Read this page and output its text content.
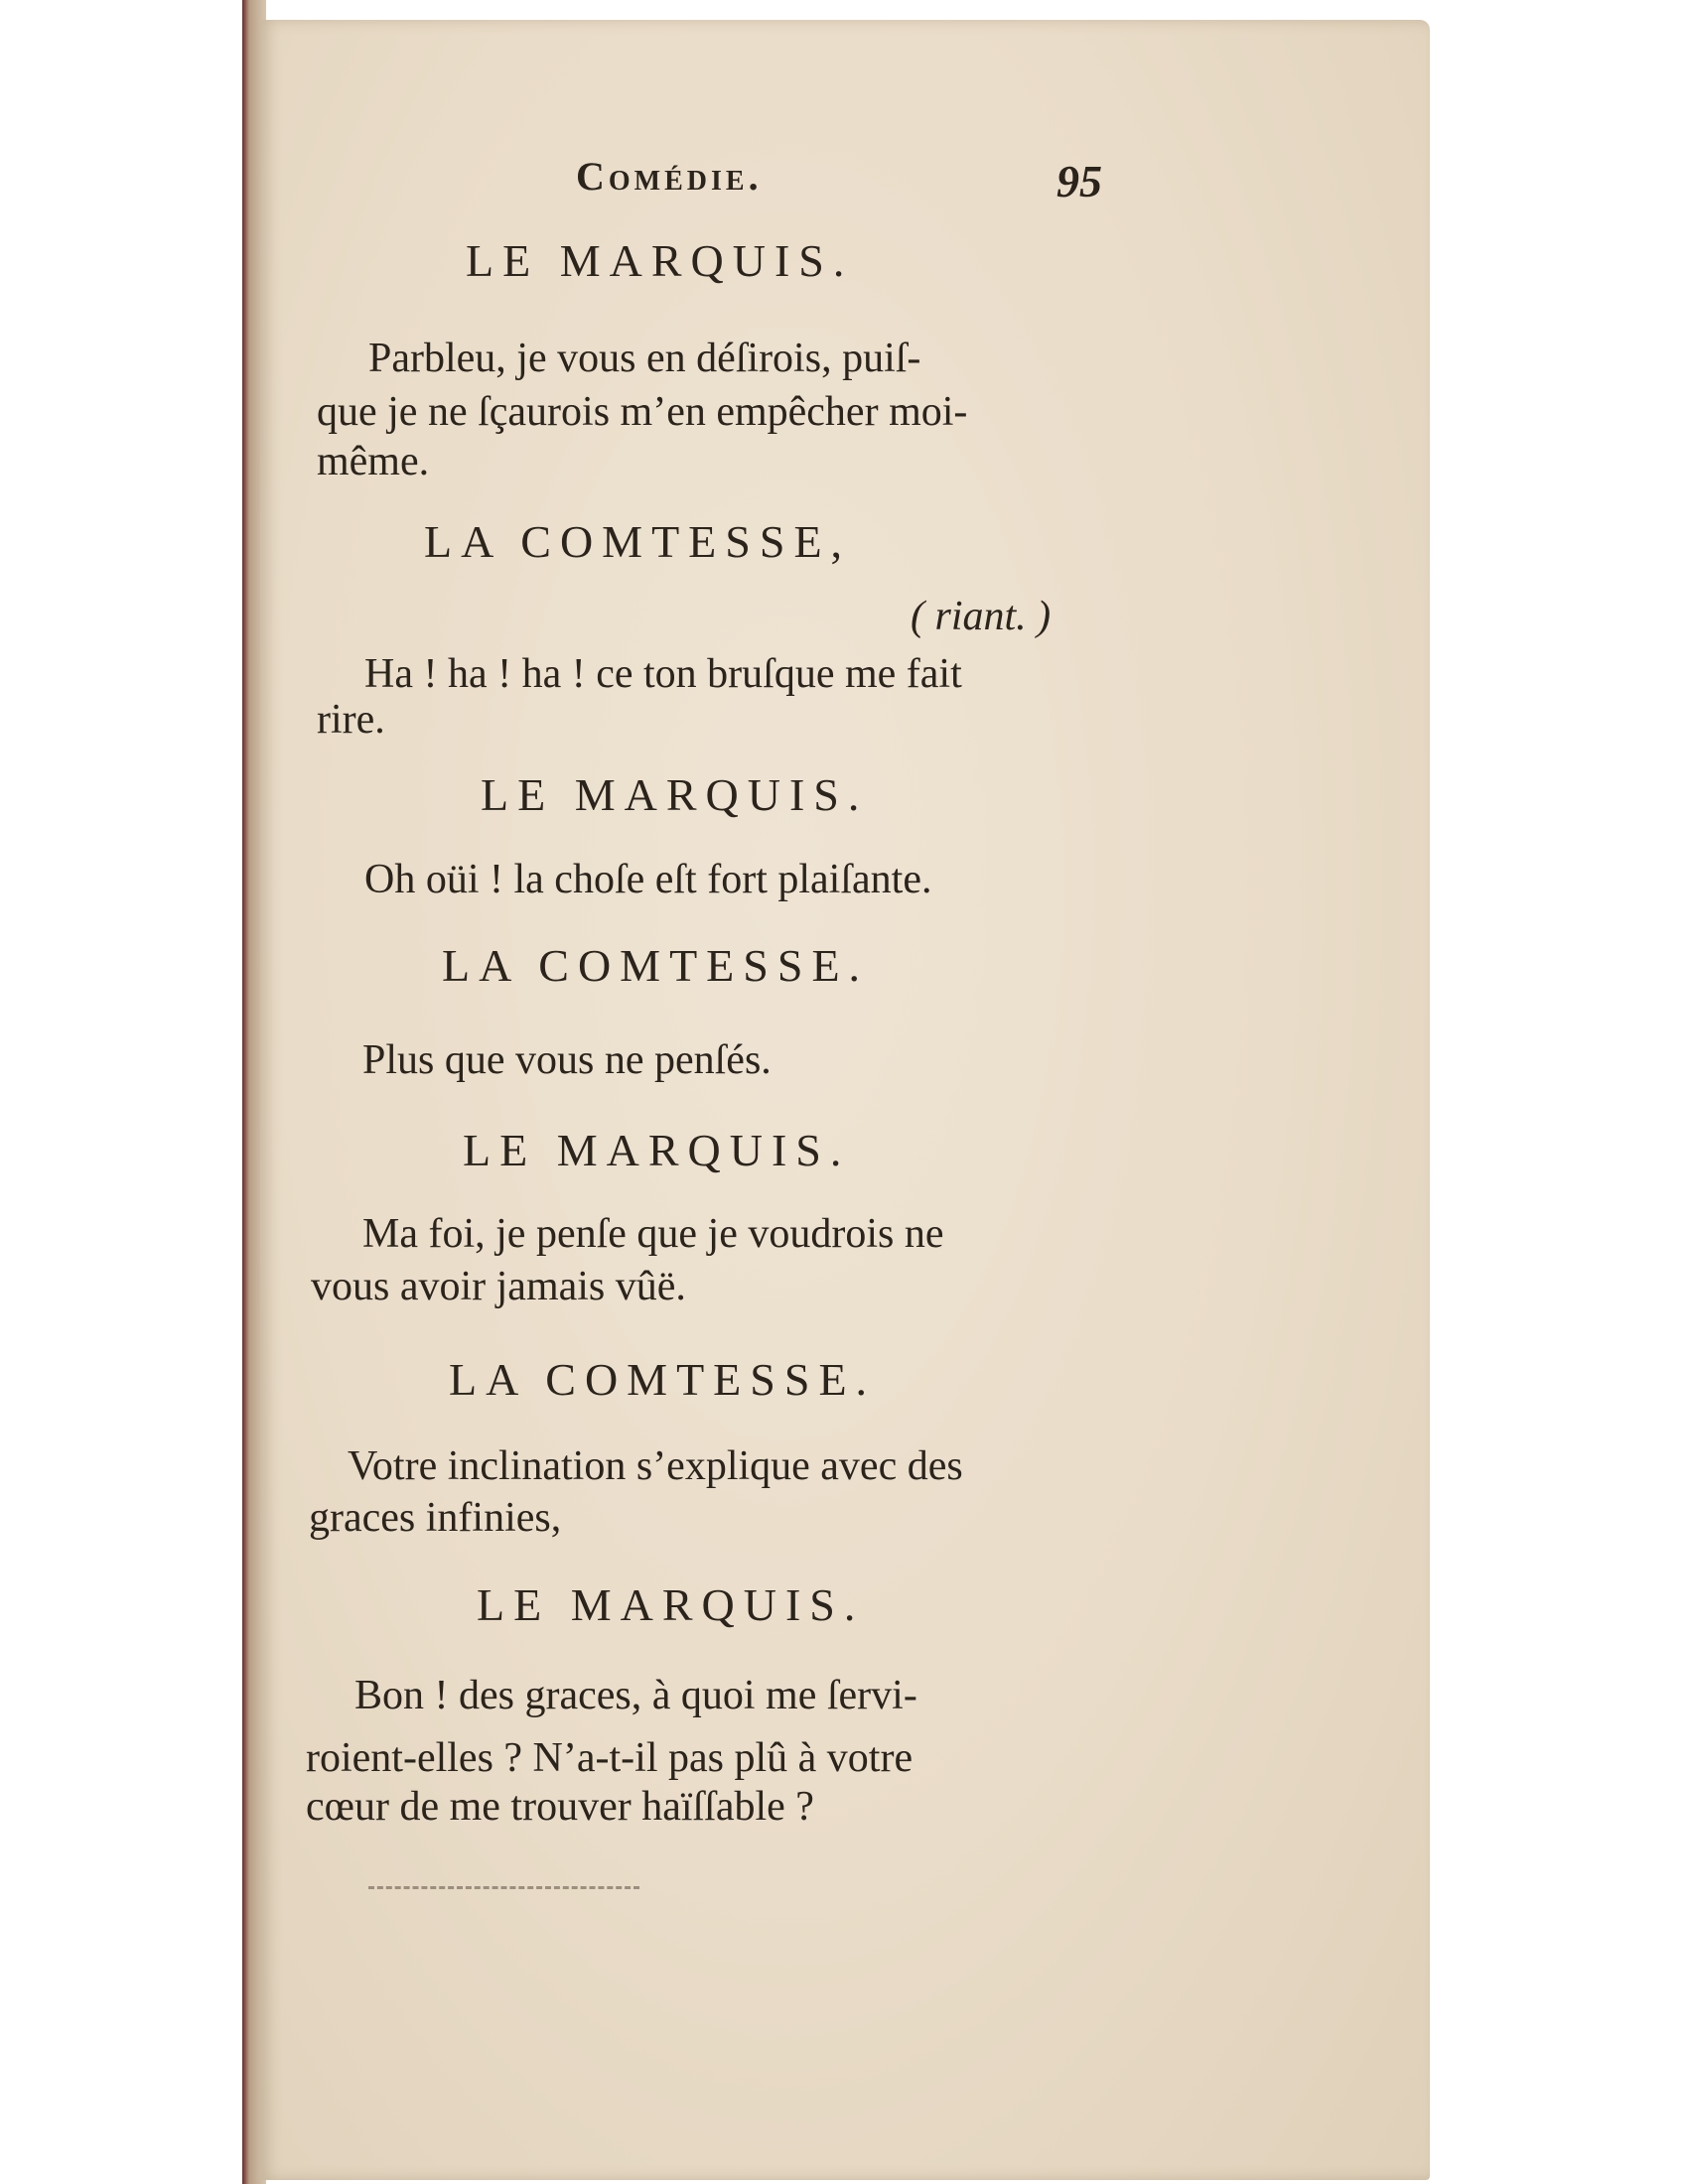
Comédie.	95
LE MARQUIS.
Parbleu, je vous en déſirois, puiſ-
que je ne ſçaurois m’en empêcher moi-
même.
LA COMTESSE,
( riant. )
Ha ! ha ! ha ! ce ton bruſque me fait
rire.
LE MARQUIS.
Oh oüi ! la choſe eſt fort plaiſante.
LA COMTESSE.
Plus que vous ne penſés.
LE MARQUIS.
Ma foi, je penſe que je voudrois ne
vous avoir jamais vûë.
LA COMTESSE.
Votre inclination s’explique avec des
graces infinies,
LE MARQUIS.
Bon ! des graces, à quoi me ſervi-
roient-elles ? N’a-t-il pas plû à votre
cœur de me trouver haïſſable ?
